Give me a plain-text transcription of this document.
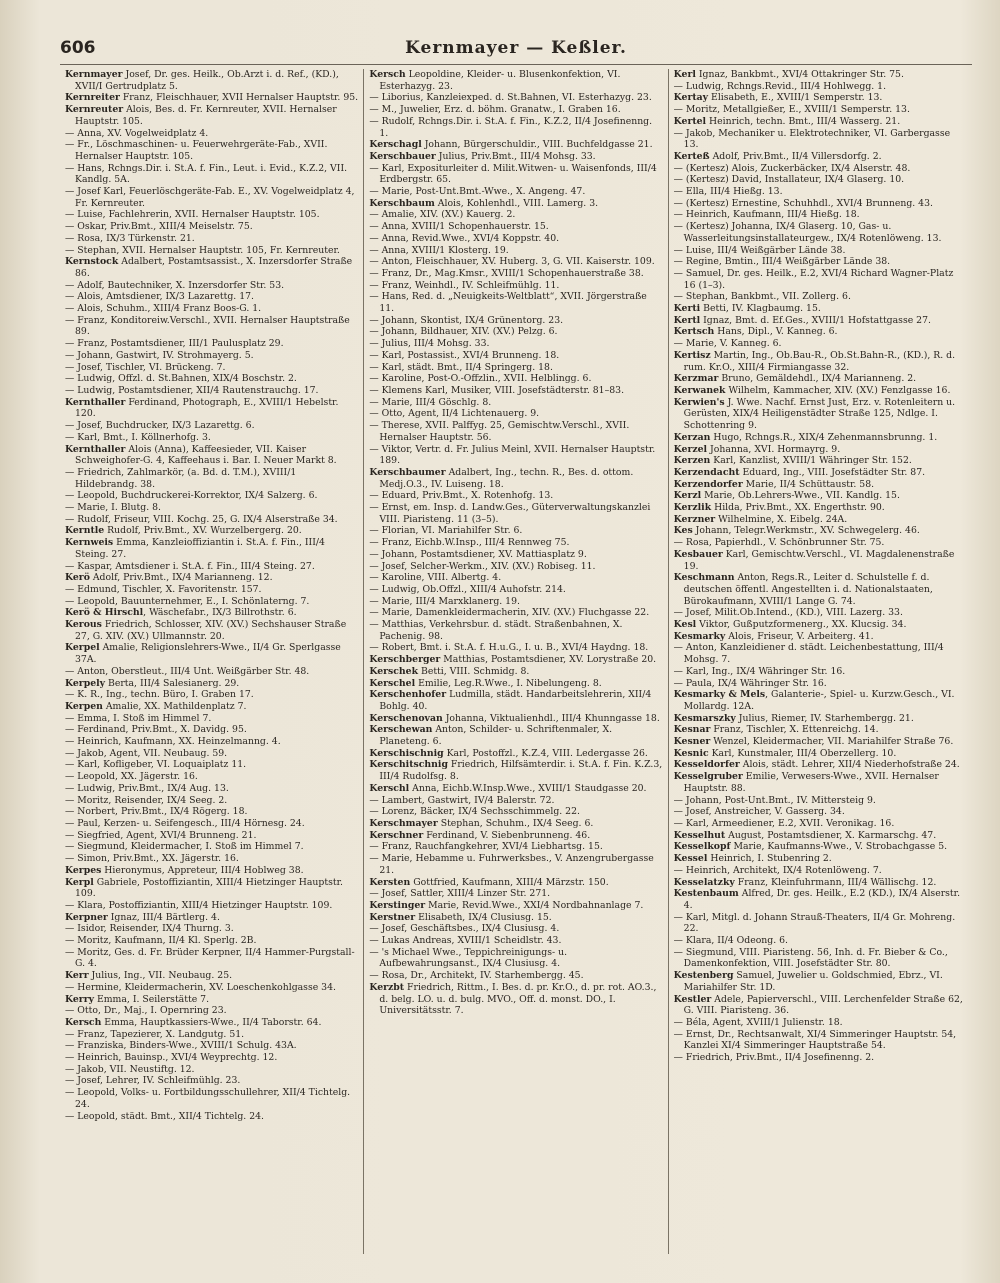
606	Kernmayer — Keßler.

Kernmayer Josef, Dr. ges. Heilk., Ob.Arzt i. d. Ref., (KD.), XVII/I Gertrudplatz 5.

Kernreiter Franz, Fleischhauer, XVII Hernalser Hauptstr. 95.

Kernreuter Alois, Bes. d. Fr. Kernreuter, XVII. Hernalser Hauptstr. 105.

— Anna, XV. Vogelweidplatz 4.

— Fr., Löschmaschinen- u. Feuerwehrgeräte-Fab., XVII. Hernalser Hauptstr. 105.

— Hans, Rchngs.Dir. i. St.A. f. Fin., Leut. i. Evid., K.Z.2, VII. Kandlg. 5A.

— Josef Karl, Feuerlöschgeräte-Fab. E., XV. Vogelweidplatz 4, Fr. Kernreuter.

— Luise, Fachlehrerin, XVII. Hernalser Hauptstr. 105.

— Oskar, Priv.Bmt., XIII/4 Meiselstr. 75.

— Rosa, IX/3 Türkenstr. 21.

— Stephan, XVII. Hernalser Hauptstr. 105, Fr. Kernreuter.

Kernstock Adalbert, Postamtsassist., X. Inzersdorfer Straße 86.

— Adolf, Bautechniker, X. Inzersdorfer Str. 53.

— Alois, Amtsdiener, IX/3 Lazarettg. 17.

— Alois, Schuhm., XIII/4 Franz Boos-G. 1.

— Franz, Konditoreiw.Verschl., XVII. Hernalser Hauptstraße 89.

— Franz, Postamtsdiener, III/1 Paulusplatz 29.

— Johann, Gastwirt, IV. Strohmayerg. 5.

— Josef, Tischler, VI. Brückeng. 7.

— Ludwig, Offzl. d. St.Bahnen, XIX/4 Boschstr. 2.

— Ludwig, Postamtsdiener, XII/4 Rautenstrauchg. 17.

Kernthaller Ferdinand, Photograph, E., XVIII/1 Hebelstr. 120.

— Josef, Buchdrucker, IX/3 Lazarettg. 6.

— Karl, Bmt., I. Köllnerhofg. 3.

Kernthaller Alois (Anna), Kaffeesieder, VII. Kaiser Schweighofer-G. 4, Kaffeehaus i. Bar. I. Neuer Markt 8.

— Friedrich, Zahlmarkör, (a. Bd. d. T.M.), XVIII/1 Hildebrandg. 38.

— Leopold, Buchdruckerei-Korrektor, IX/4 Salzerg. 6.

— Marie, I. Blutg. 8.

— Rudolf, Friseur, VIII. Kochg. 25, G. IX/4 Alserstraße 34.

Kerntle Rudolf, Priv.Bmt., XV. Wurzelbergerg. 20.

Kernweis Emma, Kanzleioffiziantin i. St.A. f. Fin., III/4 Steing. 27.

— Kaspar, Amtsdiener i. St.A. f. Fin., III/4 Steing. 27.

Kerö Adolf, Priv.Bmt., IX/4 Marianneng. 12.

— Edmund, Tischler, X. Favoritenstr. 157.

— Leopold, Bauunternehmer, E., I. Schönlaterng. 7.

Kerö & Hirschl, Wäschefabr., IX/3 Billrothstr. 6.

Kerous Friedrich, Schlosser, XIV. (XV.) Sechshauser Straße 27, G. XIV. (XV.) Ullmannstr. 20.

Kerpel Amalie, Religionslehrers-Wwe., II/4 Gr. Sperlgasse 37A.

— Anton, Oberstleut., III/4 Unt. Weißgärber Str. 48.

Kerpely Berta, III/4 Salesianerg. 29.

— K. R., Ing., techn. Büro, I. Graben 17.

Kerpen Amalie, XX. Mathildenplatz 7.

— Emma, I. Stoß im Himmel 7.

— Ferdinand, Priv.Bmt., X. Davidg. 95.

— Heinrich, Kaufmann, XX. Heinzelmanng. 4.

— Jakob, Agent, VII. Neubaug. 59.

— Karl, Kofligeber, VI. Loquaiplatz 11.

— Leopold, XX. Jägerstr. 16.

— Ludwig, Priv.Bmt., IX/4 Aug. 13.

— Moritz, Reisender, IX/4 Seeg. 2.

— Norbert, Priv.Bmt., IX/4 Rögerg. 18.

— Paul, Kerzen- u. Seifengesch., III/4 Hörnesg. 24.

— Siegfried, Agent, XVI/4 Brunneng. 21.

— Siegmund, Kleidermacher, I. Stoß im Himmel 7.

— Simon, Priv.Bmt., XX. Jägerstr. 16.

Kerpes Hieronymus, Appreteur, III/4 Hoblweg 38.

Kerpl Gabriele, Postoffiziantin, XIII/4 Hietzinger Hauptstr. 109.

— Klara, Postoffiziantin, XIII/4 Hietzinger Hauptstr. 109.

Kerpner Ignaz, III/4 Bärtlerg. 4.

— Isidor, Reisender, IX/4 Thurng. 3.

— Moritz, Kaufmann, II/4 Kl. Sperlg. 2B.

— Moritz, Ges. d. Fr. Brüder Kerpner, II/4 Hammer-Purgstall-G. 4.

Kerr Julius, Ing., VII. Neubaug. 25.

— Hermine, Kleidermacherin, XV. Loeschenkohlgasse 34.

Kerry Emma, I. Seilerstätte 7.

— Otto, Dr., Maj., I. Opernring 23.

Kersch Emma, Hauptkassiers-Wwe., II/4 Taborstr. 64.

— Franz, Tapezierer, X. Landgutg. 51.

— Franziska, Binders-Wwe., XVIII/1 Schulg. 43A.

— Heinrich, Bauinsp., XVI/4 Weyprechtg. 12.

— Jakob, VII. Neustiftg. 12.

— Josef, Lehrer, IV. Schleifmühlg. 23.

— Leopold, Volks- u. Fortbildungsschullehrer, XII/4 Tichtelg. 24.

— Leopold, städt. Bmt., XII/4 Tichtelg. 24.

Kersch Leopoldine, Kleider- u. Blusenkonfektion, VI. Esterhazyg. 23.

— Liborius, Kanzleiexped. d. St.Bahnen, VI. Esterhazyg. 23.

— M., Juwelier, Erz. d. böhm. Granatw., I. Graben 16.

— Rudolf, Rchngs.Dir. i. St.A. f. Fin., K.Z.2, II/4 Josefinenng. 1.

Kerschagl Johann, Bürgerschuldir., VIII. Buchfeldgasse 21.

Kerschbauer Julius, Priv.Bmt., III/4 Mohsg. 33.

— Karl, Expositurleiter d. Milit.Witwen- u. Waisenfonds, III/4 Erdbergstr. 65.

— Marie, Post-Unt.Bmt.-Wwe., X. Angeng. 47.

Kerschbaum Alois, Kohlenhdl., VIII. Lamerg. 3.

— Amalie, XIV. (XV.) Kauerg. 2.

— Anna, XVIII/1 Schopenhauerstr. 15.

— Anna, Revid.Wwe., XVI/4 Koppstr. 40.

— Anna, XVIII/1 Klosterg. 19.

— Anton, Fleischhauer, XV. Huberg. 3, G. VII. Kaiserstr. 109.

— Franz, Dr., Mag.Kmsr., XVIII/1 Schopenhauerstraße 38.

— Franz, Weinhdl., IV. Schleifmühlg. 11.

— Hans, Red. d. „Neuigkeits-Weltblatt“, XVII. Jörgerstraße 11.

— Johann, Skontist, IX/4 Grünentorg. 23.

— Johann, Bildhauer, XIV. (XV.) Pelzg. 6.

— Julius, III/4 Mohsg. 33.

— Karl, Postassist., XVI/4 Brunneng. 18.

— Karl, städt. Bmt., II/4 Springerg. 18.

— Karoline, Post-O.-Offzlin., XVII. Helblingg. 6.

— Klemens Karl, Musiker, VIII. Josefstädterstr. 81–83.

— Marie, III/4 Göschlg. 8.

— Otto, Agent, II/4 Lichtenauerg. 9.

— Therese, XVII. Palffyg. 25, Gemischtw.Verschl., XVII. Hernalser Hauptstr. 56.

— Viktor, Vertr. d. Fr. Julius Meinl, XVII. Hernalser Hauptstr. 189.

Kerschbaumer Adalbert, Ing., techn. R., Bes. d. ottom. Medj.O.3., IV. Luiseng. 18.

— Eduard, Priv.Bmt., X. Rotenhofg. 13.

— Ernst, em. Insp. d. Landw.Ges., Güterverwaltungskanzlei VIII. Piaristeng. 11 (3–5).

— Florian, VI. Mariahilfer Str. 6.

— Franz, Eichb.W.Insp., III/4 Rennweg 75.

— Johann, Postamtsdiener, XV. Mattiasplatz 9.

— Josef, Selcher-Werkm., XIV. (XV.) Robiseg. 11.

— Karoline, VIII. Albertg. 4.

— Ludwig, Ob.Offzl., XIII/4 Auhofstr. 214.

— Marie, III/4 Marxklanerg. 19.

— Marie, Damenkleidermacherin, XIV. (XV.) Fluchgasse 22.

— Matthias, Verkehrsbur. d. städt. Straßenbahnen, X. Pachenig. 98.

— Robert, Bmt. i. St.A. f. H.u.G., I. u. B., XVI/4 Haydng. 18.

Kerschberger Matthias, Postamtsdiener, XV. Lorystraße 20.

Kerschek Betti, VIII. Schmidg. 8.

Kerschel Emilie, Leg.R.Wwe., I. Nibelungeng. 8.

Kerschenhofer Ludmilla, städt. Handarbeitslehrerin, XII/4 Bohlg. 40.

Kerschenovan Johanna, Viktualienhdl., III/4 Khunngasse 18.

Kerschewan Anton, Schilder- u. Schriftenmaler, X. Planeteng. 6.

Kerschischnig Karl, Postoffzl., K.Z.4, VIII. Ledergasse 26.

Kerschitschnig Friedrich, Hilfsämterdir. i. St.A. f. Fin. K.Z.3, III/4 Rudolfsg. 8.

Kerschl Anna, Eichb.W.Insp.Wwe., XVIII/1 Staudgasse 20.

— Lambert, Gastwirt, IV/4 Balerstr. 72.

— Lorenz, Bäcker, IX/4 Sechsschimmelg. 22.

Kerschmayer Stephan, Schuhm., IX/4 Seeg. 6.

Kerschner Ferdinand, V. Siebenbrunneng. 46.

— Franz, Rauchfangkehrer, XVI/4 Liebhartsg. 15.

— Marie, Hebamme u. Fuhrwerksbes., V. Anzengrubergasse 21.

Kersten Gottfried, Kaufmann, XIII/4 Märzstr. 150.

— Josef, Sattler, XIII/4 Linzer Str. 271.

Kerstinger Marie, Revid.Wwe., XXI/4 Nordbahnanlage 7.

Kerstner Elisabeth, IX/4 Clusiusg. 15.

— Josef, Geschäftsbes., IX/4 Clusiusg. 4.

— Lukas Andreas, XVIII/1 Scheidlstr. 43.

— 's Michael Wwe., Teppichreinigungs- u. Aufbewahrungsanst., IX/4 Clusiusg. 4.

— Rosa, Dr., Architekt, IV. Starhembergg. 45.

Kerzbt Friedrich, Rittm., I. Bes. d. pr. Kr.O., d. pr. rot. AO.3., d. belg. LO. u. d. bulg. MVO., Off. d. monst. DO., I. Universitätsstr. 7.

Kerl Ignaz, Bankbmt., XVI/4 Ottakringer Str. 75.

— Ludwig, Rchngs.Revid., III/4 Hohlwegg. 1.

Kertay Elisabeth, E., XVIII/1 Semperstr. 13.

— Moritz, Metallgießer, E., XVIII/1 Semperstr. 13.

Kertel Heinrich, techn. Bmt., III/4 Wasserg. 21.

— Jakob, Mechaniker u. Elektrotechniker, VI. Garbergasse 13.

Kerteß Adolf, Priv.Bmt., II/4 Villersdorfg. 2.

— (Kertesz) Alois, Zuckerbäcker, IX/4 Alserstr. 48.

— (Kertesz) David, Installateur, IX/4 Glaserg. 10.

— Ella, III/4 Hießg. 13.

— (Kertesz) Ernestine, Schuhhdl., XVI/4 Brunneng. 43.

— Heinrich, Kaufmann, III/4 Hießg. 18.

— (Kertesz) Johanna, IX/4 Glaserg. 10, Gas- u. Wasserleitungsinstallateurgew., IX/4 Rotenlöweng. 13.

— Luise, III/4 Weißgärber Lände 38.

— Regine, Bmtin., III/4 Weißgärber Lände 38.

— Samuel, Dr. ges. Heilk., E.2, XVI/4 Richard Wagner-Platz 16 (1–3).

— Stephan, Bankbmt., VII. Zollerg. 6.

Kerti Betti, IV. Klagbaumg. 15.

Kertl Ignaz, Bmt. d. Ef.Ges., XVIII/1 Hofstattgasse 27.

Kertsch Hans, Dipl., V. Kanneg. 6.

— Marie, V. Kanneg. 6.

Kertisz Martin, Ing., Ob.Bau-R., Ob.St.Bahn-R., (KD.), R. d. rum. Kr.O., XIII/4 Firmiangasse 32.

Kerzmar Bruno, Gemäldehdl., IX/4 Marianneng. 2.

Kerwanek Wilhelm, Kammacher, XIV. (XV.) Fenzlgasse 16.

Kerwien's J. Wwe. Nachf. Ernst Just, Erz. v. Rotenleitern u. Gerüsten, XIX/4 Heiligenstädter Straße 125, Ndlge. I. Schottenring 9.

Kerzan Hugo, Rchngs.R., XIX/4 Zehenmannsbrunng. 1.

Kerzel Johanna, XVI. Hormayrg. 9.

Kerzen Karl, Kanzlist, XVIII/1 Währinger Str. 152.

Kerzendacht Eduard, Ing., VIII. Josefstädter Str. 87.

Kerzendorfer Marie, II/4 Schüttaustr. 58.

Kerzl Marie, Ob.Lehrers-Wwe., VII. Kandlg. 15.

Kerzlik Hilda, Priv.Bmt., XX. Engerthstr. 90.

Kerzner Wilhelmine, X. Eibelg. 24A.

Kes Johann, Telegr.Werkmstr., XV. Schwegelerg. 46.

— Rosa, Papierhdl., V. Schönbrunner Str. 75.

Kesbauer Karl, Gemischtw.Verschl., VI. Magdalenenstraße 19.

Keschmann Anton, Regs.R., Leiter d. Schulstelle f. d. deutschen öffentl. Angestellten i. d. Nationalstaaten, Bürokaufmann, XVIII/1 Lange G. 74.

— Josef, Milit.Ob.Intend., (KD.), VIII. Lazerg. 33.

Kesl Viktor, Gußputzformenerg., XX. Klucsig. 34.

Kesmarky Alois, Friseur, V. Arbeiterg. 41.

— Anton, Kanzleidiener d. städt. Leichenbestattung, III/4 Mohsg. 7.

— Karl, Ing., IX/4 Währinger Str. 16.

— Paula, IX/4 Währinger Str. 16.

Kesmarky & Mels, Galanterie-, Spiel- u. Kurzw.Gesch., VI. Mollardg. 12A.

Kesmarszky Julius, Riemer, IV. Starhembergg. 21.

Kesnar Franz, Tischler, X. Ettenreichg. 14.

Kesner Wenzel, Kleidermacher, VII. Mariahilfer Straße 76.

Kesnic Karl, Kunstmaler, III/4 Oberzellerg. 10.

Kesseldorfer Alois, städt. Lehrer, XII/4 Niederhofstraße 24.

Kesselgruber Emilie, Verwesers-Wwe., XVII. Hernalser Hauptstr. 88.

— Johann, Post-Unt.Bmt., IV. Mittersteig 9.

— Josef, Anstreicher, V. Gasserg. 34.

— Karl, Armeediener, E.2, XVII. Veronikag. 16.

Kesselhut August, Postamtsdiener, X. Karmarschg. 47.

Kesselkopf Marie, Kaufmanns-Wwe., V. Strobachgasse 5.

Kessel Heinrich, I. Stubenring 2.

— Heinrich, Architekt, IX/4 Rotenlöweng. 7.

Kesselatzky Franz, Kleinfuhrmann, III/4 Wällischg. 12.

Kestenbaum Alfred, Dr. ges. Heilk., E.2 (KD.), IX/4 Alserstr. 4.

— Karl, Mitgl. d. Johann Strauß-Theaters, II/4 Gr. Mohreng. 22.

— Klara, II/4 Odeong. 6.

— Siegmund, VIII. Piaristeng. 56, Inh. d. Fr. Bieber & Co., Damenkonfektion, VIII. Josefstädter Str. 80.

Kestenberg Samuel, Juwelier u. Goldschmied, Ebrz., VI. Mariahilfer Str. 1D.

Kestler Adele, Papierverschl., VIII. Lerchenfelder Straße 62, G. VIII. Piaristeng. 36.

— Béla, Agent, XVIII/1 Julienstr. 18.

— Ernst, Dr., Rechtsanwalt, XI/4 Simmeringer Hauptstr. 54, Kanzlei XI/4 Simmeringer Hauptstraße 54.

— Friedrich, Priv.Bmt., II/4 Josefinenng. 2.
